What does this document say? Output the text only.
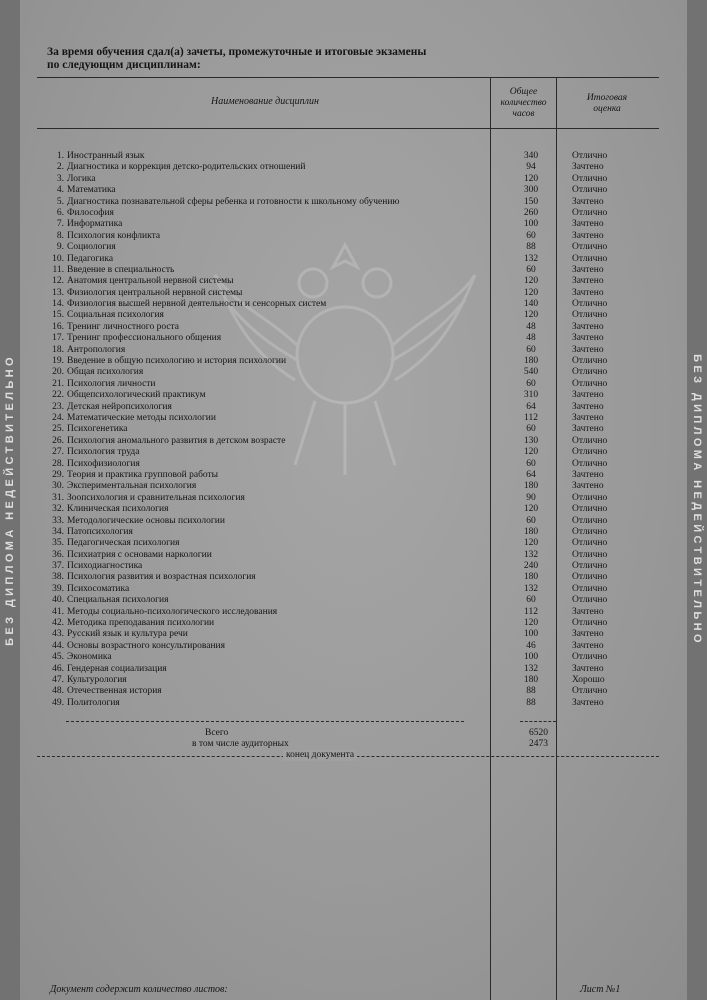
БЕЗ ДИПЛОМА НЕДЕЙСТВИТЕЛЬНО	БЕЗ ДИПЛОМА НЕДЕЙСТВИТЕЛЬНО
За время обучения сдал(а) зачеты, промежуточные и итоговые экзамены
по следующим дисциплинам:
Наименование дисциплин
Общее
количество
часов
Итоговая
оценка
1. Иностранный язык	340	Отлично
2. Диагностика и коррекция детско-родительских отношений	94	Зачтено
3. Логика	120	Отлично
4. Математика	300	Отлично
5. Диагностика познавательной сферы ребенка и готовности к школьному обучению	150	Зачтено
6. Философия	260	Отлично
7. Информатика	100	Зачтено
8. Психология конфликта	60	Зачтено
9. Социология	88	Отлично
10. Педагогика	132	Отлично
11. Введение в специальность	60	Зачтено
12. Анатомия центральной нервной системы	120	Зачтено
13. Физиология центральной нервной системы	120	Зачтено
14. Физиология высшей нервной деятельности и сенсорных систем	140	Отлично
15. Социальная психология	120	Отлично
16. Тренинг личностного роста	48	Зачтено
17. Тренинг профессионального общения	48	Зачтено
18. Антропология	60	Зачтено
19. Введение в общую психологию и история психологии	180	Отлично
20. Общая психология	540	Отлично
21. Психология личности	60	Отлично
22. Общепсихологический практикум	310	Зачтено
23. Детская нейропсихология	64	Зачтено
24. Математические методы психологии	112	Зачтено
25. Психогенетика	60	Зачтено
26. Психология аномального развития в детском возрасте	130	Отлично
27. Психология труда	120	Отлично
28. Психофизиология	60	Отлично
29. Теория и практика групповой работы	64	Зачтено
30. Экспериментальная психология	180	Зачтено
31. Зоопсихология и сравнительная психология	90	Отлично
32. Клиническая психология	120	Отлично
33. Методологические основы психологии	60	Отлично
34. Патопсихология	180	Отлично
35. Педагогическая психология	120	Отлично
36. Психиатрия с основами наркологии	132	Отлично
37. Психодиагностика	240	Отлично
38. Психология развития и возрастная психология	180	Отлично
39. Психосоматика	132	Отлично
40. Специальная психология	60	Отлично
41. Методы социально-психологического исследования	112	Зачтено
42. Методика преподавания психологии	120	Отлично
43. Русский язык и культура речи	100	Зачтено
44. Основы возрастного консультирования	46	Зачтено
45. Экономика	100	Отлично
46. Гендерная социализация	132	Зачтено
47. Культурология	180	Хорошо
48. Отечественная история	88	Отлично
49. Политология	88	Зачтено
Всего	6520
в том числе аудиторных	2473
конец документа
Документ содержит количество листов:	Лист №1
